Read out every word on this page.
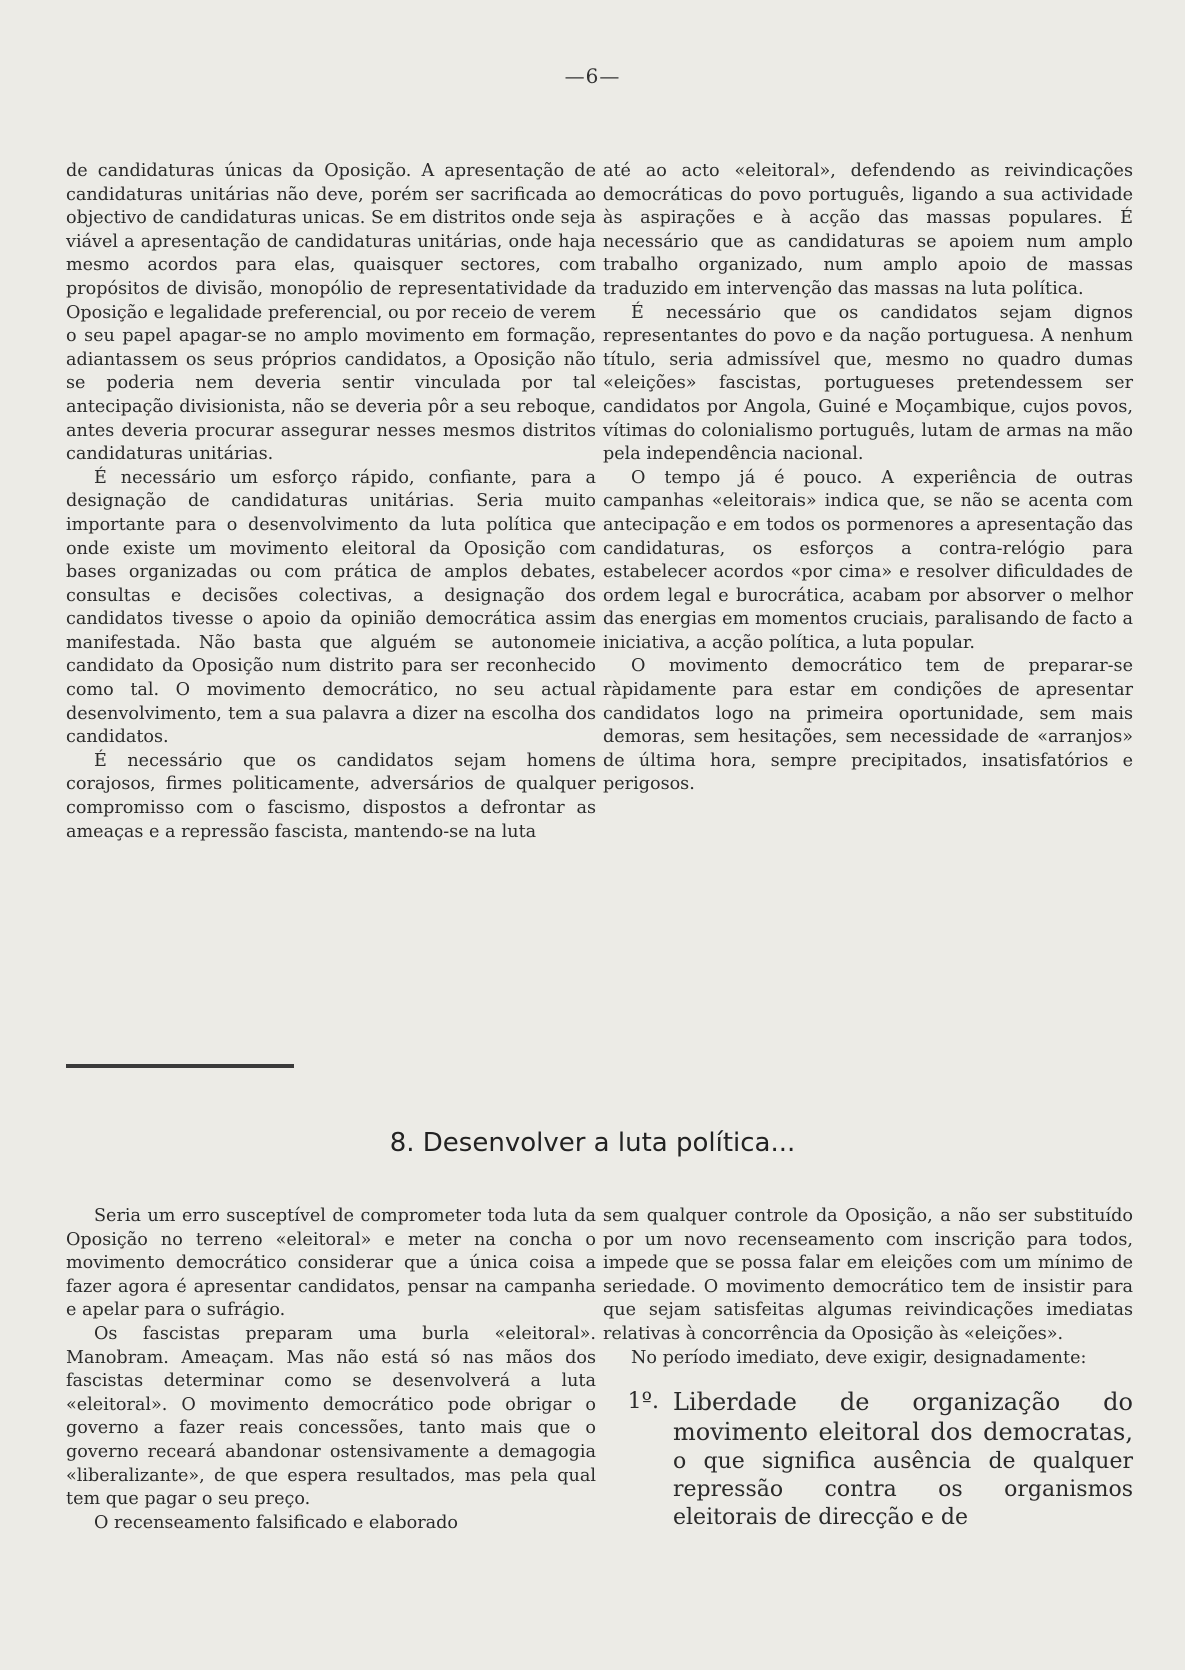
—6—

de candidaturas únicas da Oposição. A apresentação de candidaturas unitárias não deve, porém ser sacrificada ao objectivo de candidaturas unicas. Se em distritos onde seja viável a apresentação de candidaturas unitárias, onde haja mesmo acordos para elas, quaisquer sectores, com propósitos de divisão, monopólio de representatividade da Oposição e legalidade preferencial, ou por receio de verem o seu papel apagar-se no amplo movimento em formação, adiantassem os seus próprios candidatos, a Oposição não se poderia nem deveria sentir vinculada por tal antecipação divisionista, não se deveria pôr a seu reboque, antes deveria procurar assegurar nesses mesmos distritos candidaturas unitárias.

É necessário um esforço rápido, confiante, para a designação de candidaturas unitárias. Seria muito importante para o desenvolvimento da luta política que onde existe um movimento eleitoral da Oposição com bases organizadas ou com prática de amplos debates, consultas e decisões colectivas, a designação dos candidatos tivesse o apoio da opinião democrática assim manifestada. Não basta que alguém se autonomeie candidato da Oposição num distrito para ser reconhecido como tal. O movimento democrático, no seu actual desenvolvimento, tem a sua palavra a dizer na escolha dos candidatos.

É necessário que os candidatos sejam homens corajosos, firmes politicamente, adversários de qualquer compromisso com o fascismo, dispostos a defrontar as ameaças e a repressão fascista, mantendo-se na luta

até ao acto «eleitoral», defendendo as reivindicações democráticas do povo português, ligando a sua actividade às aspirações e à acção das massas populares. É necessário que as candidaturas se apoiem num amplo trabalho organizado, num amplo apoio de massas traduzido em intervenção das massas na luta política.

É necessário que os candidatos sejam dignos representantes do povo e da nação portuguesa. A nenhum título, seria admissível que, mesmo no quadro dumas «eleições» fascistas, portugueses pretendessem ser candidatos por Angola, Guiné e Moçambique, cujos povos, vítimas do colonialismo português, lutam de armas na mão pela independência nacional.

O tempo já é pouco. A experiência de outras campanhas «eleitorais» indica que, se não se acenta com antecipação e em todos os pormenores a apresentação das candidaturas, os esforços a contra-relógio para estabelecer acordos «por cima» e resolver dificuldades de ordem legal e burocrática, acabam por absorver o melhor das energias em momentos cruciais, paralisando de facto a iniciativa, a acção política, a luta popular.

O movimento democrático tem de preparar-se ràpidamente para estar em condições de apresentar candidatos logo na primeira oportunidade, sem mais demoras, sem hesitações, sem necessidade de «arranjos» de última hora, sempre precipitados, insatisfatórios e perigosos.

8. Desenvolver a luta política...

Seria um erro susceptível de comprometer toda luta da Oposição no terreno «eleitoral» e meter na concha o movimento democrático considerar que a única coisa a fazer agora é apresentar candidatos, pensar na campanha e apelar para o sufrágio.

Os fascistas preparam uma burla «eleitoral». Manobram. Ameaçam. Mas não está só nas mãos dos fascistas determinar como se desenvolverá a luta «eleitoral». O movimento democrático pode obrigar o governo a fazer reais concessões, tanto mais que o governo receará abandonar ostensivamente a demagogia «liberalizante», de que espera resultados, mas pela qual tem que pagar o seu preço.

O recenseamento falsificado e elaborado

sem qualquer controle da Oposição, a não ser substituído por um novo recenseamento com inscrição para todos, impede que se possa falar em eleições com um mínimo de seriedade. O movimento democrático tem de insistir para que sejam satisfeitas algumas reivindicações imediatas relativas à concorrência da Oposição às «eleições».

No período imediato, deve exigir, designadamente:

1º. Liberdade de organização do movimento eleitoral dos democratas, o que significa ausência de qualquer repressão contra os organismos eleitorais de direcção e de
